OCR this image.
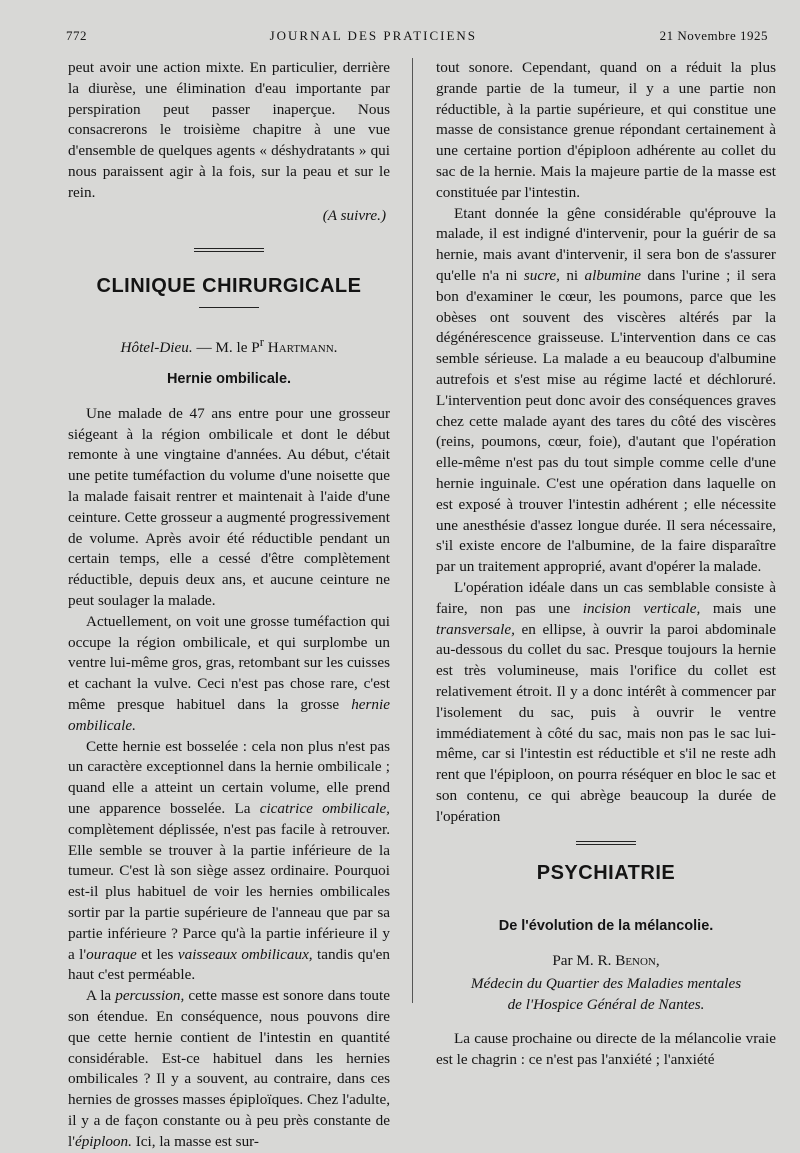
772	JOURNAL DES PRATICIENS	21 Novembre 1925

peut avoir une action mixte. En particulier, derrière la diurèse, une élimination d'eau importante par perspiration peut passer inaperçue. Nous consacrerons le troisième chapitre à une vue d'ensemble de quelques agents « déshydratants » qui nous paraissent agir à la fois, sur la peau et sur le rein.

(A suivre.)

CLINIQUE CHIRURGICALE
Hôtel-Dieu. — M. le $P^r$ Hartmann.
Hernie ombilicale.

Une malade de 47 ans entre pour une grosseur siégeant à la région ombilicale et dont le début remonte à une vingtaine d'années. Au début, c'était une petite tuméfaction du volume d'une noisette que la malade faisait rentrer et maintenait à l'aide d'une ceinture. Cette grosseur a augmenté progressivement de volume. Après avoir été réductible pendant un certain temps, elle a cessé d'être complètement réductible, depuis deux ans, et aucune ceinture ne peut soulager la malade.

Actuellement, on voit une grosse tuméfaction qui occupe la région ombilicale, et qui surplombe un ventre lui-même gros, gras, retombant sur les cuisses et cachant la vulve. Ceci n'est pas chose rare, c'est même presque habituel dans la grosse hernie ombilicale.

Cette hernie est bosselée : cela non plus n'est pas un caractère exceptionnel dans la hernie ombilicale ; quand elle a atteint un certain volume, elle prend une apparence bosselée. La cicatrice ombilicale, complètement déplissée, n'est pas facile à retrouver. Elle semble se trouver à la partie inférieure de la tumeur. C'est là son siège assez ordinaire. Pourquoi est-il plus habituel de voir les hernies ombilicales sortir par la partie supérieure de l'anneau que par sa partie inférieure ? Parce qu'à la partie inférieure il y a l'ouraque et les vaisseaux ombilicaux, tandis qu'en haut c'est perméable.

A la percussion, cette masse est sonore dans toute son étendue. En conséquence, nous pouvons dire que cette hernie contient de l'intestin en quantité considérable. Est-ce habituel dans les hernies ombilicales ? Il y a souvent, au contraire, dans ces hernies de grosses masses épiploïques. Chez l'adulte, il y a de façon constante ou à peu près constante de l'épiploon. Ici, la masse est sur-

tout sonore. Cependant, quand on a réduit la plus grande partie de la tumeur, il y a une partie non réductible, à la partie supérieure, et qui constitue une masse de consistance grenue répondant certainement à une certaine portion d'épiploon adhérente au collet du sac de la hernie. Mais la majeure partie de la masse est constituée par l'intestin.

Etant donnée la gêne considérable qu'éprouve la malade, il est indigné d'intervenir, pour la guérir de sa hernie, mais avant d'intervenir, il sera bon de s'assurer qu'elle n'a ni sucre, ni albumine dans l'urine ; il sera bon d'examiner le cœur, les poumons, parce que les obèses ont souvent des viscères altérés par la dégénérescence graisseuse. L'intervention dans ce cas semble sérieuse. La malade a eu beaucoup d'albumine autrefois et s'est mise au régime lacté et déchloruré. L'intervention peut donc avoir des conséquences graves chez cette malade ayant des tares du côté des viscères (reins, poumons, cœur, foie), d'autant que l'opération elle-même n'est pas du tout simple comme celle d'une hernie inguinale. C'est une opération dans laquelle on est exposé à trouver l'intestin adhérent ; elle nécessite une anesthésie d'assez longue durée. Il sera nécessaire, s'il existe encore de l'albumine, de la faire disparaître par un traitement approprié, avant d'opérer la malade.

L'opération idéale dans un cas semblable consiste à faire, non pas une incision verticale, mais une transversale, en ellipse, à ouvrir la paroi abdominale au-dessous du collet du sac. Presque toujours la hernie est très volumineuse, mais l'orifice du collet est relativement étroit. Il y a donc intérêt à commencer par l'isolement du sac, puis à ouvrir le ventre immédiatement à côté du sac, mais non pas le sac lui-même, car si l'intestin est réductible et s'il ne reste adh rent que l'épiploon, on pourra réséquer en bloc le sac et son contenu, ce qui abrège beaucoup la durée de l'opération

PSYCHIATRIE
De l'évolution de la mélancolie.
Par M. R. Benon,
Médecin du Quartier des Maladies mentales
de l'Hospice Général de Nantes.

La cause prochaine ou directe de la mélancolie vraie est le chagrin : ce n'est pas l'anxiété ; l'anxiété
